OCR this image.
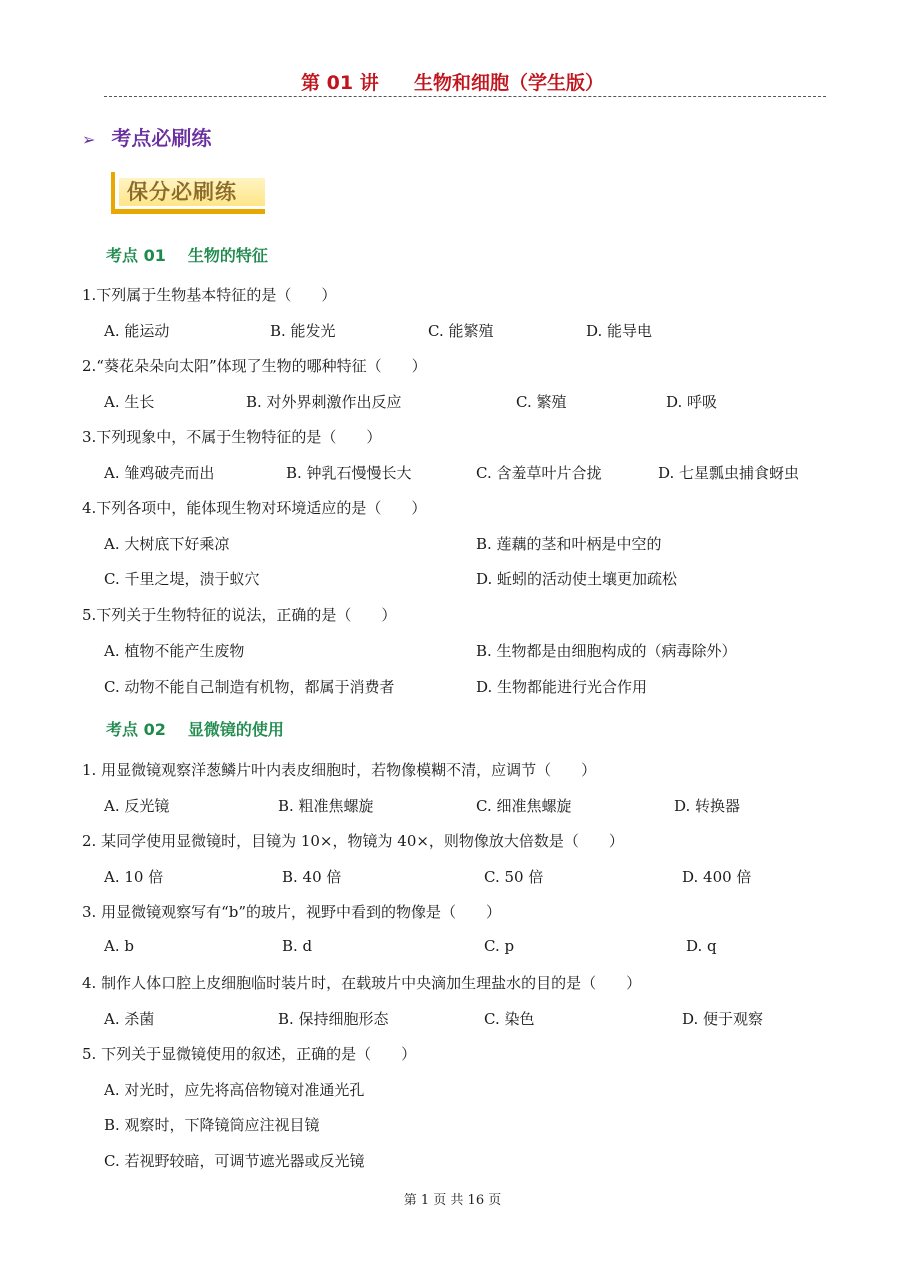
第 01 讲 生物和细胞（学生版）
➢ 考点必刷练
保分必刷练
考点 01 生物的特征
1.下列属于生物基本特征的是（　　）
A. 能运动	B. 能发光	C. 能繁殖	D. 能导电
2.“葵花朵朵向太阳”体现了生物的哪种特征（　　）
A. 生长	B. 对外界刺激作出反应	C. 繁殖	D. 呼吸
3.下列现象中，不属于生物特征的是（　　）
A. 雏鸡破壳而出	B. 钟乳石慢慢长大	C. 含羞草叶片合拢	D. 七星瓢虫捕食蚜虫
4.下列各项中，能体现生物对环境适应的是（　　）
A. 大树底下好乘凉	B. 莲藕的茎和叶柄是中空的
C. 千里之堤，溃于蚁穴	D. 蚯蚓的活动使土壤更加疏松
5.下列关于生物特征的说法，正确的是（　　）
A. 植物不能产生废物	B. 生物都是由细胞构成的（病毒除外）
C. 动物不能自己制造有机物，都属于消费者	D. 生物都能进行光合作用
考点 02 显微镜的使用
1. 用显微镜观察洋葱鳞片叶内表皮细胞时，若物像模糊不清，应调节（　　）
A. 反光镜	B. 粗准焦螺旋	C. 细准焦螺旋	D. 转换器
2. 某同学使用显微镜时，目镜为 10×，物镜为 40×，则物像放大倍数是（　　）
A. 10 倍	B. 40 倍	C. 50 倍	D. 400 倍
3. 用显微镜观察写有“b”的玻片，视野中看到的物像是（　　）
A. b	B. d	C. p	D. q
4. 制作人体口腔上皮细胞临时装片时，在载玻片中央滴加生理盐水的目的是（　　）
A. 杀菌	B. 保持细胞形态	C. 染色	D. 便于观察
5. 下列关于显微镜使用的叙述，正确的是（　　）
A. 对光时，应先将高倍物镜对准通光孔
B. 观察时，下降镜筒应注视目镜
C. 若视野较暗，可调节遮光器或反光镜
第 1 页 共 16 页
